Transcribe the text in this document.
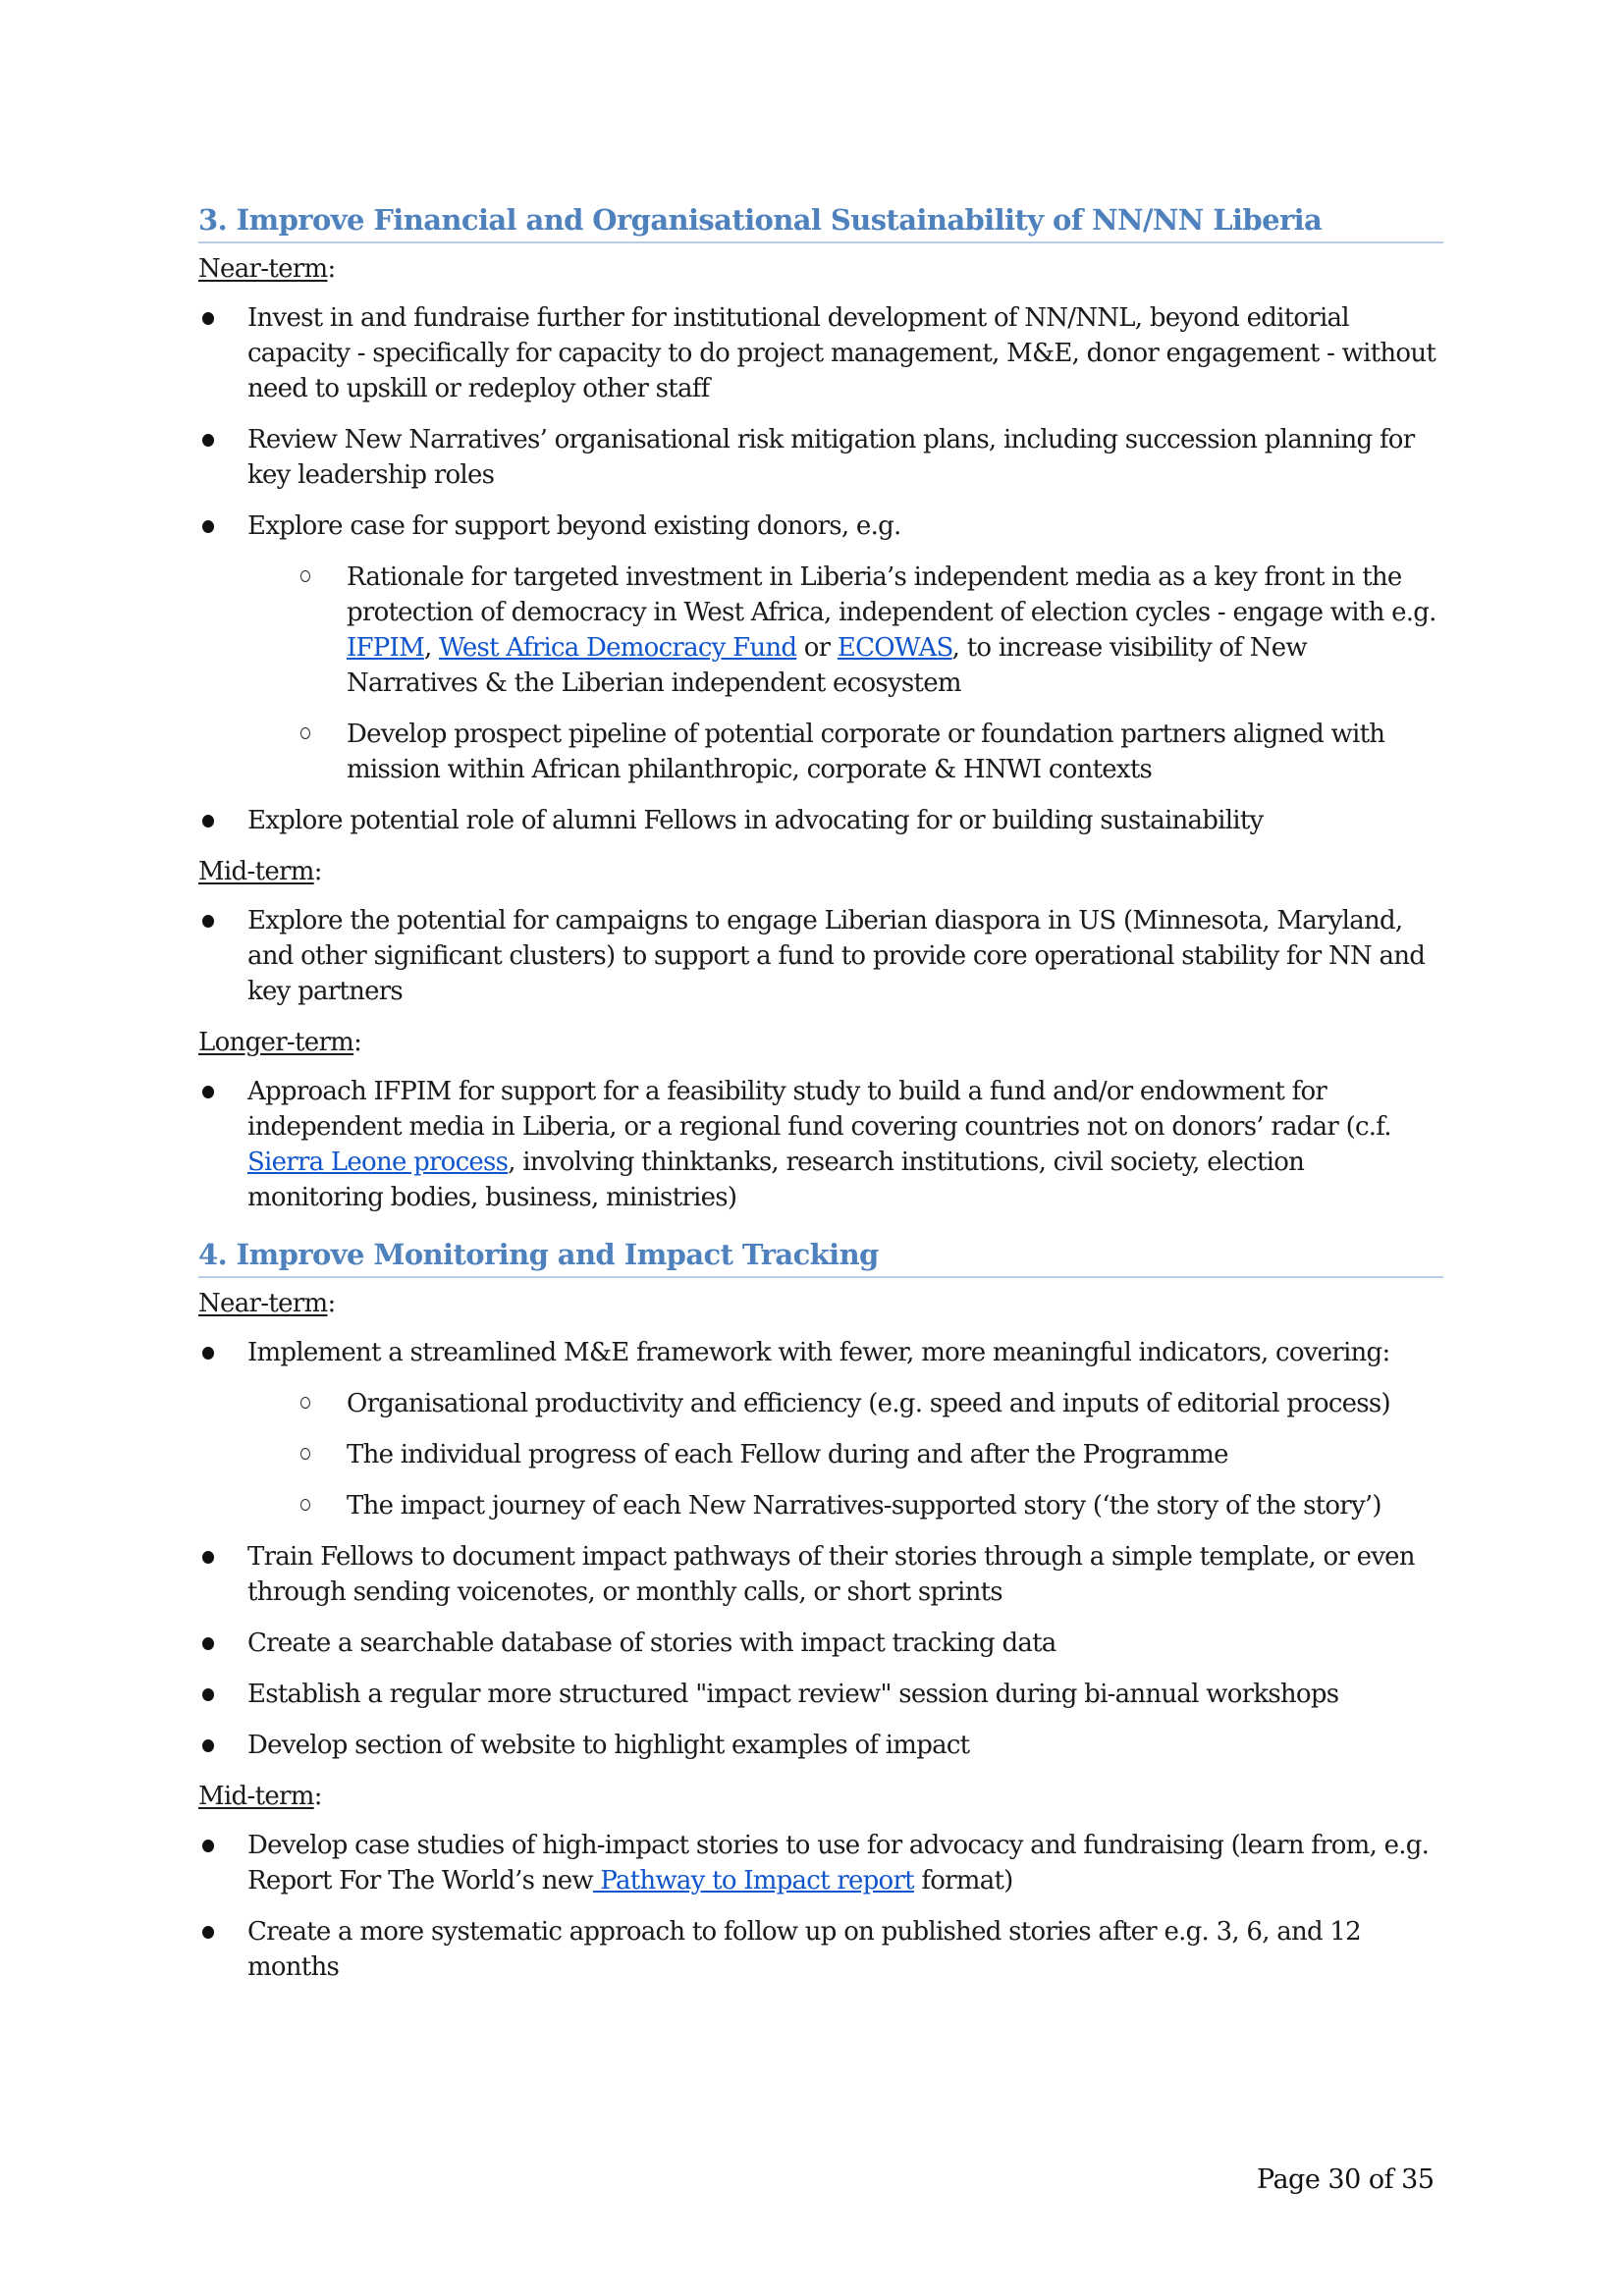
3. Improve Financial and Organisational Sustainability of NN/NN Liberia
Near-term:
Invest in and fundraise further for institutional development of NN/NNL, beyond editorial capacity - specifically for capacity to do project management, M&E, donor engagement - without need to upskill or redeploy other staff
Review New Narratives’ organisational risk mitigation plans, including succession planning for key leadership roles
Explore case for support beyond existing donors, e.g.
Rationale for targeted investment in Liberia’s independent media as a key front in the protection of democracy in West Africa, independent of election cycles - engage with e.g. IFPIM, West Africa Democracy Fund or ECOWAS, to increase visibility of New Narratives & the Liberian independent ecosystem
Develop prospect pipeline of potential corporate or foundation partners aligned with mission within African philanthropic, corporate & HNWI contexts
Explore potential role of alumni Fellows in advocating for or building sustainability
Mid-term:
Explore the potential for campaigns to engage Liberian diaspora in US (Minnesota, Maryland, and other significant clusters) to support a fund to provide core operational stability for NN and key partners
Longer-term:
Approach IFPIM for support for a feasibility study to build a fund and/or endowment for independent media in Liberia, or a regional fund covering countries not on donors’ radar (c.f. Sierra Leone process, involving thinktanks, research institutions, civil society, election monitoring bodies, business, ministries)
4. Improve Monitoring and Impact Tracking
Near-term:
Implement a streamlined M&E framework with fewer, more meaningful indicators, covering:
Organisational productivity and efficiency (e.g. speed and inputs of editorial process)
The individual progress of each Fellow during and after the Programme
The impact journey of each New Narratives-supported story (‘the story of the story’)
Train Fellows to document impact pathways of their stories through a simple template, or even through sending voicenotes, or monthly calls, or short sprints
Create a searchable database of stories with impact tracking data
Establish a regular more structured "impact review" session during bi-annual workshops
Develop section of website to highlight examples of impact
Mid-term:
Develop case studies of high-impact stories to use for advocacy and fundraising (learn from, e.g. Report For The World’s new Pathway to Impact report format)
Create a more systematic approach to follow up on published stories after e.g. 3, 6, and 12 months
Page 30 of 35
